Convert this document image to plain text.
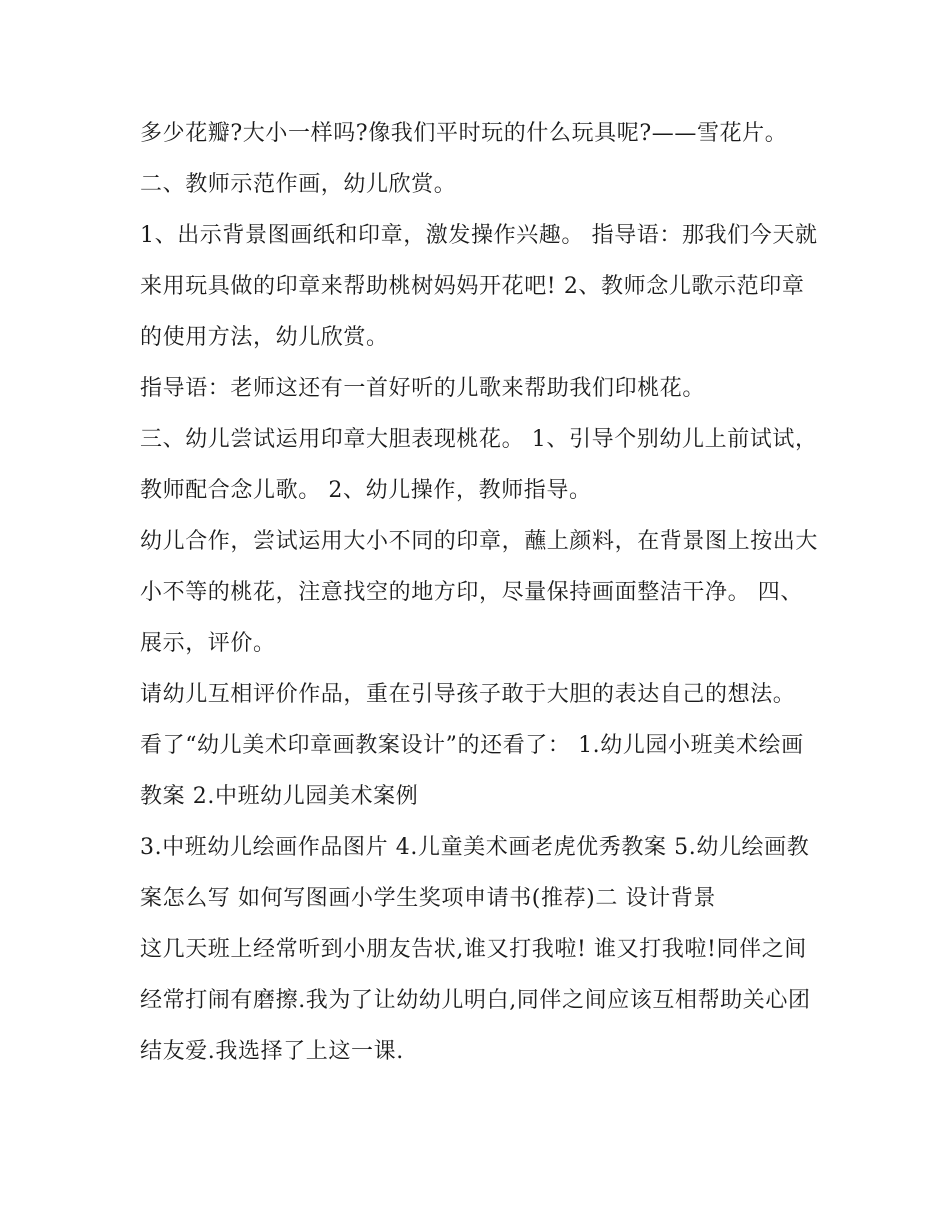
多少花瓣?大小一样吗?像我们平时玩的什么玩具呢?——雪花片。 二、教师示范作画，幼儿欣赏。

1、出示背景图画纸和印章，激发操作兴趣。 指导语：那我们今天就来用玩具做的印章来帮助桃树妈妈开花吧! 2、教师念儿歌示范印章的使用方法，幼儿欣赏。

指导语：老师这还有一首好听的儿歌来帮助我们印桃花。

三、幼儿尝试运用印章大胆表现桃花。 1、引导个别幼儿上前试试，教师配合念儿歌。 2、幼儿操作，教师指导。

幼儿合作，尝试运用大小不同的印章，蘸上颜料，在背景图上按出大小不等的桃花，注意找空的地方印，尽量保持画面整洁干净。 四、展示，评价。

请幼儿互相评价作品，重在引导孩子敢于大胆的表达自己的想法。 看了“幼儿美术印章画教案设计”的还看了： 1.幼儿园小班美术绘画教案 2.中班幼儿园美术案例

3.中班幼儿绘画作品图片 4.儿童美术画老虎优秀教案 5.幼儿绘画教案怎么写 如何写图画小学生奖项申请书(推荐)二 设计背景

这几天班上经常听到小朋友告状,谁又打我啦! 谁又打我啦!同伴之间经常打闹有磨擦.我为了让幼幼儿明白,同伴之间应该互相帮助关心团结友爱.我选择了上这一课.
